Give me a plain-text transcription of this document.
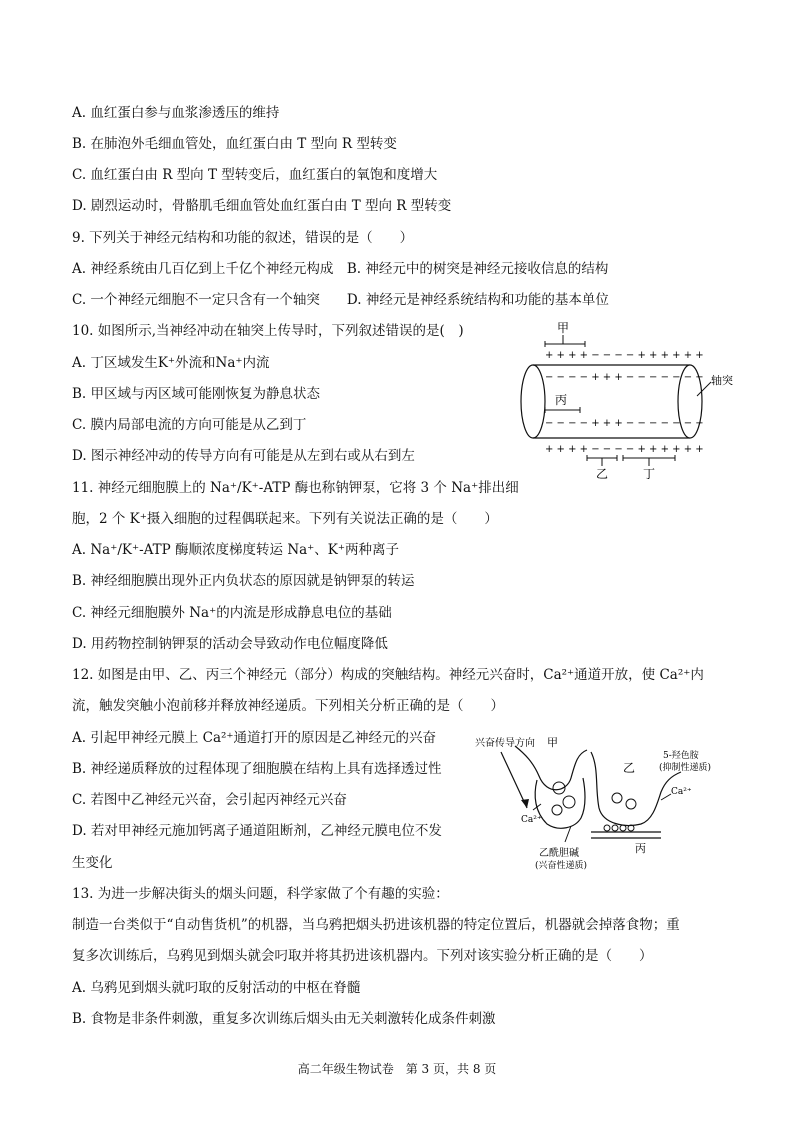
A. 血红蛋白参与血浆渗透压的维持
B. 在肺泡外毛细血管处，血红蛋白由 T 型向 R 型转变
C. 血红蛋白由 R 型向 T 型转变后，血红蛋白的氧饱和度增大
D. 剧烈运动时，骨骼肌毛细血管处血红蛋白由 T 型向 R 型转变
9. 下列关于神经元结构和功能的叙述，错误的是（　　）
A. 神经系统由几百亿到上千亿个神经元构成　B. 神经元中的树突是神经元接收信息的结构
C. 一个神经元细胞不一定只含有一个轴突　　D. 神经元是神经系统结构和功能的基本单位
10. 如图所示,当神经冲动在轴突上传导时，下列叙述错误的是(　)
A. 丁区域发生K⁺外流和Na⁺内流
B. 甲区域与丙区域可能刚恢复为静息状态
C. 膜内局部电流的方向可能是从乙到丁
D. 图示神经冲动的传导方向有可能是从左到右或从右到左
11. 神经元细胞膜上的 Na⁺/K⁺-ATP 酶也称钠钾泵，它将 3 个 Na⁺排出细
胞，2 个 K⁺摄入细胞的过程偶联起来。下列有关说法正确的是（　　）
A. Na⁺/K⁺-ATP 酶顺浓度梯度转运 Na⁺、K⁺两种离子
B. 神经细胞膜出现外正内负状态的原因就是钠钾泵的转运
C. 神经元细胞膜外 Na⁺的内流是形成静息电位的基础
D. 用药物控制钠钾泵的活动会导致动作电位幅度降低
12. 如图是由甲、乙、丙三个神经元（部分）构成的突触结构。神经元兴奋时，Ca²⁺通道开放，使 Ca²⁺内
流，触发突触小泡前移并释放神经递质。下列相关分析正确的是（　　）
A. 引起甲神经元膜上 Ca²⁺通道打开的原因是乙神经元的兴奋
B. 神经递质释放的过程体现了细胞膜在结构上具有选择透过性
C. 若图中乙神经元兴奋，会引起丙神经元兴奋
D. 若对甲神经元施加钙离子通道阻断剂，乙神经元膜电位不发
生变化
13. 为进一步解决街头的烟头问题，科学家做了个有趣的实验：
制造一台类似于“自动售货机”的机器，当乌鸦把烟头扔进该机器的特定位置后，机器就会掉落食物；重
复多次训练后，乌鸦见到烟头就会叼取并将其扔进该机器内。下列对该实验分析正确的是（　　）
A. 乌鸦见到烟头就叼取的反射活动的中枢在脊髓
B. 食物是非条件刺激，重复多次训练后烟头由无关刺激转化成条件刺激
甲
+ + + + − − − − + + + + + +
− − − − + + + − − − − − − −
丙
− − − − + + + − − − − − − −
+ + + + − − − − + + + + + +
乙	丁
轴突
兴奋传导方向 甲
乙
Ca²⁺
Ca²⁺
5-羟色胺
(抑制性递质)
丙
乙酰胆碱
(兴奋性递质)
高二年级生物试卷　第 3 页，共 8 页
